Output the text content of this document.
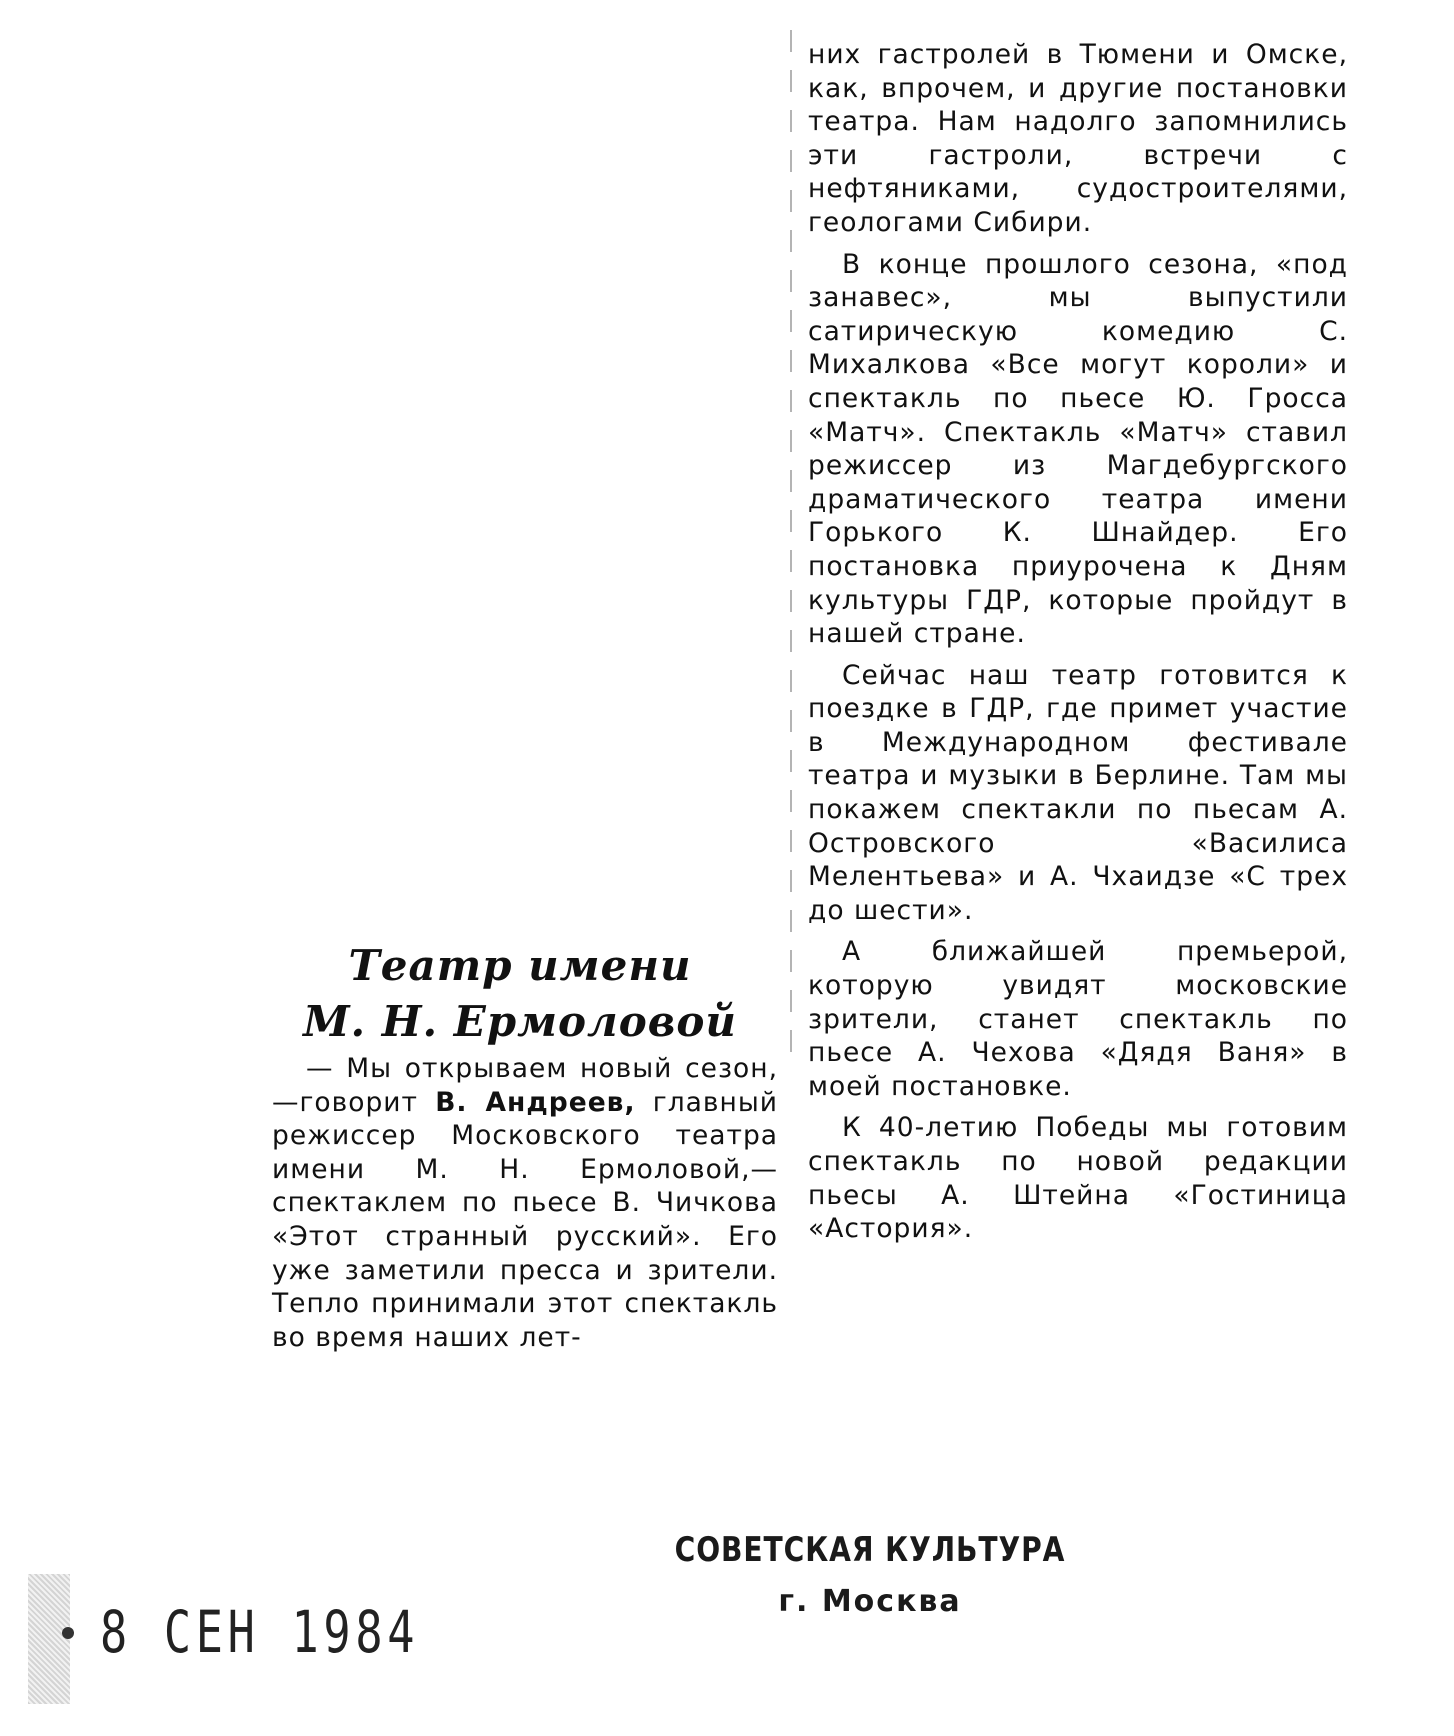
них гастролей в Тюмени и Омске, как, впрочем, и другие постановки театра. Нам надолго запомнились эти гастроли, встречи с нефтяниками, судостроителями, геологами Сибири.

В конце прошлого сезона, «под занавес», мы выпустили сатирическую комедию С. Михалкова «Все могут короли» и спектакль по пьесе Ю. Гросса «Матч». Спектакль «Матч» ставил режиссер из Магдебургского драматического театра имени Горького К. Шнайдер. Его постановка приурочена к Дням культуры ГДР, которые пройдут в нашей стране.

Сейчас наш театр готовится к поездке в ГДР, где примет участие в Международном фестивале театра и музыки в Берлине. Там мы покажем спектакли по пьесам А. Островского «Василиса Мелентьева» и А. Чхаидзе «С трех до шести».

А ближайшей премьерой, которую увидят московские зрители, станет спектакль по пьесе А. Чехова «Дядя Ваня» в моей постановке.

К 40-летию Победы мы готовим спектакль по новой редакции пьесы А. Штейна «Гостиница «Астория».

Театр имени
М. Н. Ермоловой

— Мы открываем новый сезон,—говорит В. Андреев, главный режиссер Московского театра имени М. Н. Ермоловой,— спектаклем по пьесе В. Чичкова «Этот странный русский». Его уже заметили пресса и зрители. Тепло принимали этот спектакль во время наших лет-

СОВЕТСКАЯ КУЛЬТУРА
г. Москва
8 СЕН 1984
